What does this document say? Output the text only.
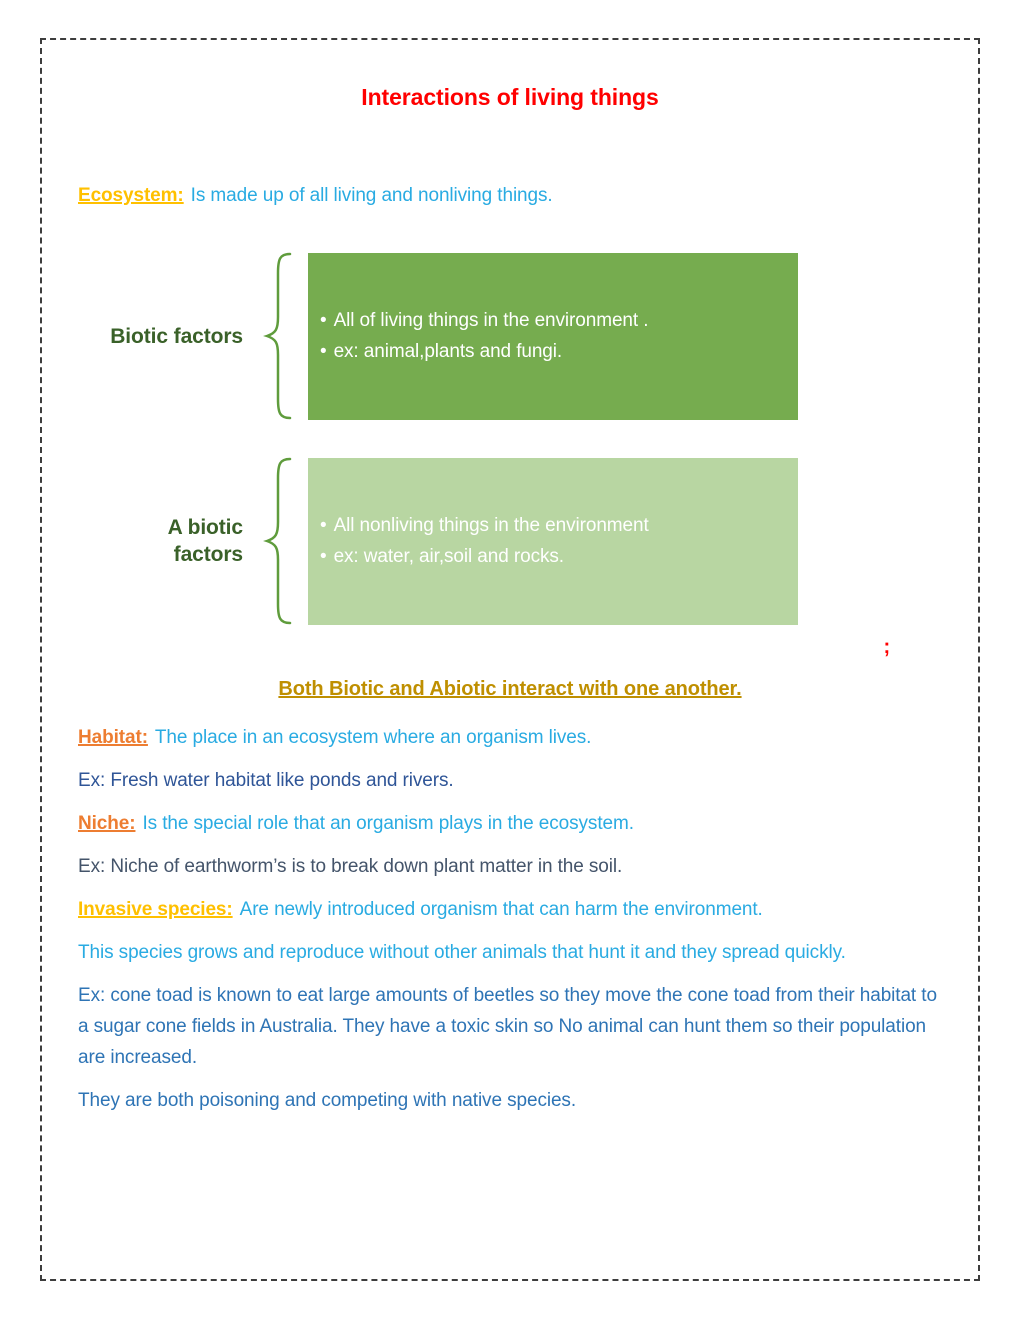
Interactions of living things

Ecosystem: Is made up of all living and nonliving things.

Biotic factors
• All of living things in the environment .
• ex: animal,plants and fungi.
A biotic factors
• All nonliving things in the environment
• ex: water, air,soil and rocks.
;

Both Biotic and Abiotic interact with one another.

Habitat: The place in an ecosystem where an organism lives.

Ex: Fresh water habitat like ponds and rivers.

Niche: Is the special role that an organism plays in the ecosystem.

Ex: Niche of earthworm’s is to break down plant matter in the soil.

Invasive species: Are newly introduced organism that can harm the environment.

This species grows and reproduce without other animals that hunt it and they spread quickly.

Ex: cone toad is known to eat large amounts of beetles so they move the cone toad from their habitat to a sugar cone fields in Australia. They have a toxic skin so No animal can hunt them so their population are increased.

They are both poisoning and competing with native species.
